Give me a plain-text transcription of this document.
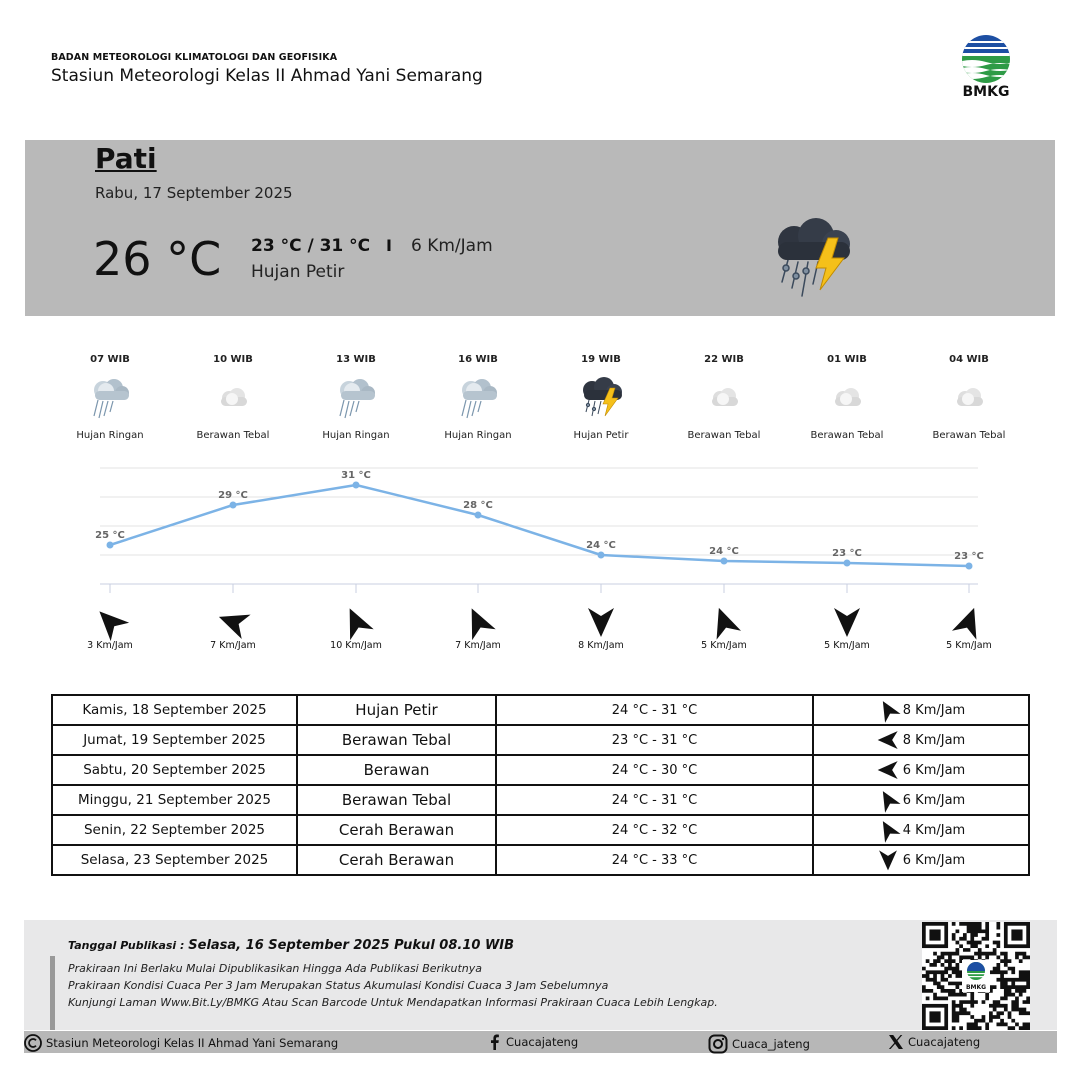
BADAN METEOROLOGI KLIMATOLOGI DAN GEOFISIKA
Stasiun Meteorologi Kelas II Ahmad Yani Semarang
BMKG
Pati
Rabu, 17 September 2025
26 °C 23 °C / 31 °C I 6 Km/Jam
Hujan Petir
07 WIB
Hujan Ringan
3 Km/Jam
10 WIB
Berawan Tebal
7 Km/Jam
13 WIB
Hujan Ringan
10 Km/Jam
16 WIB
Hujan Ringan
7 Km/Jam
19 WIB
Hujan Petir
8 Km/Jam
22 WIB
Berawan Tebal
5 Km/Jam
01 WIB
Berawan Tebal
5 Km/Jam
04 WIB
Berawan Tebal
5 Km/Jam
25 °C
29 °C
31 °C
28 °C
24 °C
24 °C	23 °C	23 °C
Kamis, 18 September 2025	Hujan Petir	24 °C - 31 °C	8 Km/Jam

Jumat, 19 September 2025	Berawan Tebal	23 °C - 31 °C	8 Km/Jam

Sabtu, 20 September 2025	Berawan	24 °C - 30 °C	6 Km/Jam

Minggu, 21 September 2025	Berawan Tebal	24 °C - 31 °C	6 Km/Jam

Senin, 22 September 2025	Cerah Berawan	24 °C - 32 °C	4 Km/Jam

Selasa, 23 September 2025	Cerah Berawan	24 °C - 33 °C	6 Km/Jam
Tanggal Publikasi : Selasa, 16 September 2025 Pukul 08.10 WIB
Prakiraan Ini Berlaku Mulai Dipublikasikan Hingga Ada Publikasi Berikutnya
Prakiraan Kondisi Cuaca Per 3 Jam Merupakan Status Akumulasi Kondisi Cuaca 3 Jam Sebelumnya
Kunjungi Laman Www.Bit.Ly/BMKG Atau Scan Barcode Untuk Mendapatkan Informasi Prakiraan Cuaca Lebih Lengkap.
BMKG
Stasiun Meteorologi Kelas II Ahmad Yani Semarang	Cuacajateng	Cuaca_jateng	Cuacajateng
